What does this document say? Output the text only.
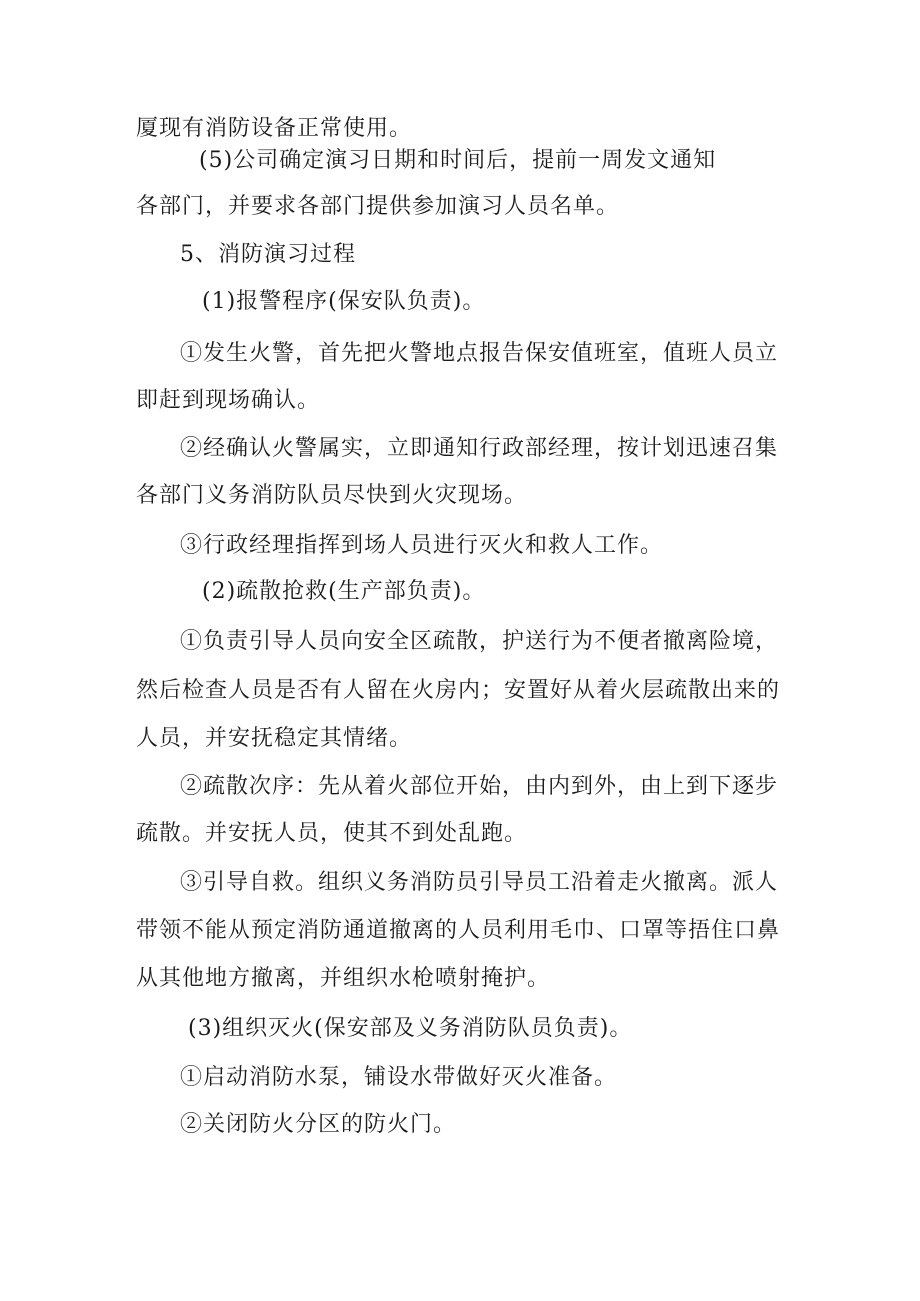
厦现有消防设备正常使用。
(5)公司确定演习日期和时间后，提前一周发文通知
各部门，并要求各部门提供参加演习人员名单。
5、消防演习过程
(1)报警程序(保安队负责)。
①发生火警，首先把火警地点报告保安值班室，值班人员立
即赶到现场确认。
②经确认火警属实，立即通知行政部经理，按计划迅速召集
各部门义务消防队员尽快到火灾现场。
③行政经理指挥到场人员进行灭火和救人工作。
(2)疏散抢救(生产部负责)。
①负责引导人员向安全区疏散，护送行为不便者撤离险境，
然后检查人员是否有人留在火房内；安置好从着火层疏散出来的
人员，并安抚稳定其情绪。
②疏散次序：先从着火部位开始，由内到外，由上到下逐步
疏散。并安抚人员，使其不到处乱跑。
③引导自救。组织义务消防员引导员工沿着走火撤离。派人
带领不能从预定消防通道撤离的人员利用毛巾、口罩等捂住口鼻
从其他地方撤离，并组织水枪喷射掩护。
(3)组织灭火(保安部及义务消防队员负责)。
①启动消防水泵，铺设水带做好灭火准备。
②关闭防火分区的防火门。
